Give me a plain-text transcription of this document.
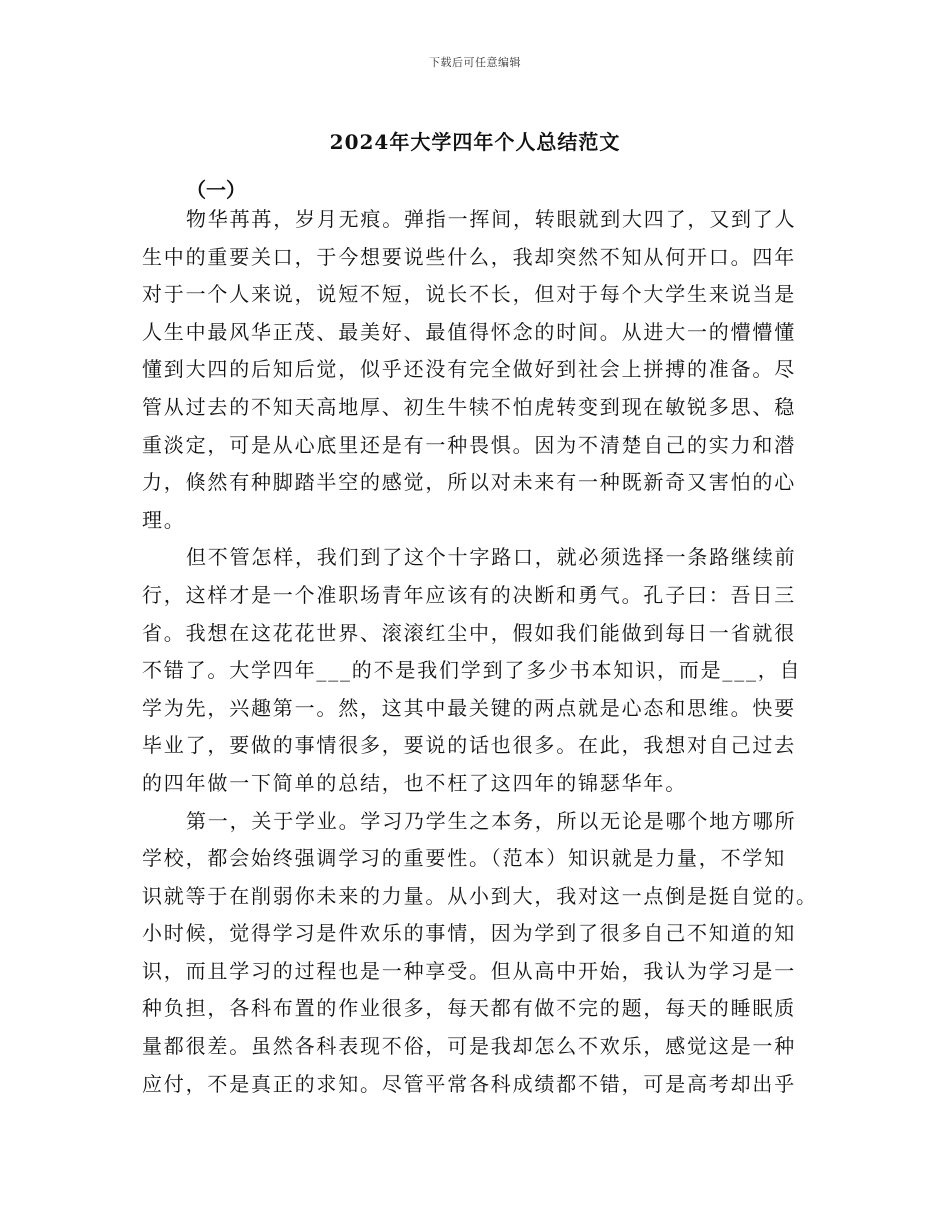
下载后可任意编辑
2024年大学四年个人总结范文
（一）
物华苒苒，岁月无痕。弹指一挥间，转眼就到大四了，又到了人
生中的重要关口，于今想要说些什么，我却突然不知从何开口。四年
对于一个人来说，说短不短，说长不长，但对于每个大学生来说当是
人生中最风华正茂、最美好、最值得怀念的时间。从进大一的懵懵懂
懂到大四的后知后觉，似乎还没有完全做好到社会上拼搏的准备。尽
管从过去的不知天高地厚、初生牛犊不怕虎转变到现在敏锐多思、稳
重淡定，可是从心底里还是有一种畏惧。因为不清楚自己的实力和潜
力，倏然有种脚踏半空的感觉，所以对未来有一种既新奇又害怕的心
理。
但不管怎样，我们到了这个十字路口，就必须选择一条路继续前
行，这样才是一个准职场青年应该有的决断和勇气。孔子曰：吾日三
省。我想在这花花世界、滚滚红尘中，假如我们能做到每日一省就很
不错了。大学四年___的不是我们学到了多少书本知识，而是___，自
学为先，兴趣第一。然，这其中最关键的两点就是心态和思维。快要
毕业了，要做的事情很多，要说的话也很多。在此，我想对自己过去
的四年做一下简单的总结，也不枉了这四年的锦瑟华年。
第一，关于学业。学习乃学生之本务，所以无论是哪个地方哪所
学校，都会始终强调学习的重要性。（范本）知识就是力量，不学知
识就等于在削弱你未来的力量。从小到大，我对这一点倒是挺自觉的。
小时候，觉得学习是件欢乐的事情，因为学到了很多自己不知道的知
识，而且学习的过程也是一种享受。但从高中开始，我认为学习是一
种负担，各科布置的作业很多，每天都有做不完的题，每天的睡眠质
量都很差。虽然各科表现不俗，可是我却怎么不欢乐，感觉这是一种
应付，不是真正的求知。尽管平常各科成绩都不错，可是高考却出乎
